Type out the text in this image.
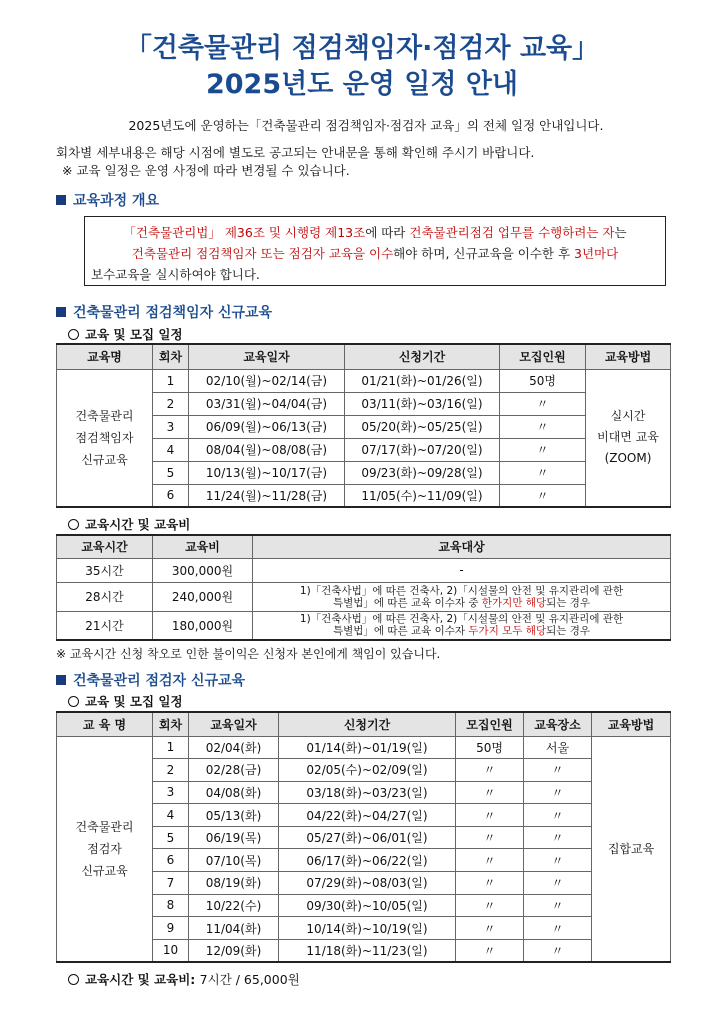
「건축물관리 점검책임자·점검자 교육」
2025년도 운영 일정 안내
2025년도에 운영하는「건축물관리 점검책임자·점검자 교육」의 전체 일정 안내입니다.
회차별 세부내용은 해당 시점에 별도로 공고되는 안내문을 통해 확인해 주시기 바랍니다.
※ 교육 일정은 운영 사정에 따라 변경될 수 있습니다.
교육과정 개요
「건축물관리법」 제36조 및 시행령 제13조에 따라 건축물관리점검 업무를 수행하려는 자는
건축물관리 점검책임자 또는 점검자 교육을 이수해야 하며, 신규교육을 이수한 후 3년마다
보수교육을 실시하여야 합니다.
건축물관리 점검책임자 신규교육
교육 및 모집 일정
교육명	회차	교육일자	신청기간	모집인원	교육방법
건축물관리
점검책임자
신규교육	1	02/10(월)~02/14(금)	01/21(화)~01/26(일)	50명	실시간
비대면 교육
(ZOOM)
	2	03/31(월)~04/04(금)	03/11(화)~03/16(일)	〃	
	3	06/09(월)~06/13(금)	05/20(화)~05/25(일)	〃	
	4	08/04(월)~08/08(금)	07/17(화)~07/20(일)	〃	
	5	10/13(월)~10/17(금)	09/23(화)~09/28(일)	〃	
	6	11/24(월)~11/28(금)	11/05(수)~11/09(일)	〃	
교육시간 및 교육비
교육시간	교육비	교육대상
35시간	300,000원	-
28시간	240,000원	1)「건축사법」에 따른 건축사, 2)「시설물의 안전 및 유지관리에 관한
특별법」에 따른 교육 이수자 중 한가지만 해당되는 경우
21시간	180,000원	1)「건축사법」에 따른 건축사, 2)「시설물의 안전 및 유지관리에 관한
특별법」에 따른 교육 이수자 두가지 모두 해당되는 경우
※ 교육시간 신청 착오로 인한 불이익은 신청자 본인에게 책임이 있습니다.
건축물관리 점검자 신규교육
교육 및 모집 일정
교 육 명	회차	교육일자	신청기간	모집인원	교육장소	교육방법
건축물관리
점검자
신규교육	1	02/04(화)	01/14(화)~01/19(일)	50명	서울	집합교육
	2	02/28(금)	02/05(수)~02/09(일)	〃	〃	
	3	04/08(화)	03/18(화)~03/23(일)	〃	〃	
	4	05/13(화)	04/22(화)~04/27(일)	〃	〃	
	5	06/19(목)	05/27(화)~06/01(일)	〃	〃	
	6	07/10(목)	06/17(화)~06/22(일)	〃	〃	
	7	08/19(화)	07/29(화)~08/03(일)	〃	〃	
	8	10/22(수)	09/30(화)~10/05(일)	〃	〃	
	9	11/04(화)	10/14(화)~10/19(일)	〃	〃	
	10	12/09(화)	11/18(화)~11/23(일)	〃	〃	
교육시간 및 교육비: 7시간 / 65,000원
